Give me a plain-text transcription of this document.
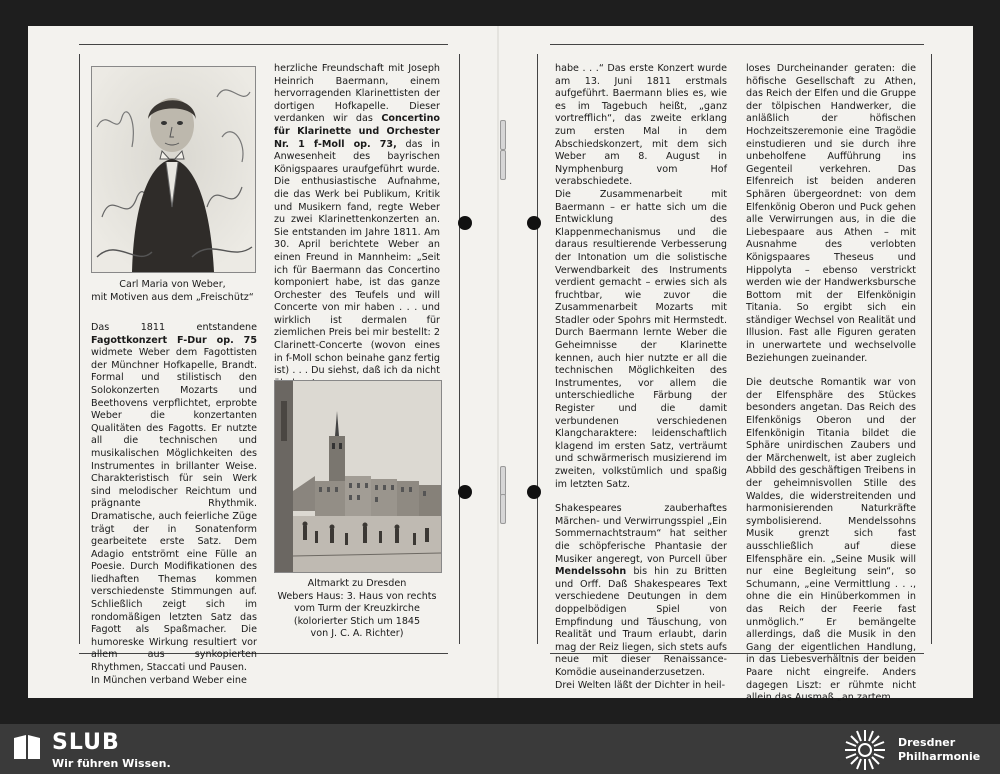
Carl Maria von Weber,
mit Motiven aus dem „Freischütz“

Das 1811 entstandene Fagottkonzert F-Dur op. 75 widmete Weber dem Fagottisten der Münchner Hofkapelle, Brandt. Formal und stilistisch den Solokonzerten Mozarts und Beethovens verpflichtet, erprobte Weber die konzertanten Qualitäten des Fagotts. Er nutzte all die technischen und musikalischen Möglichkeiten des Instrumentes in brillanter Weise. Charakteristisch für sein Werk sind melodischer Reichtum und prägnante Rhythmik. Dramatische, auch feierliche Züge trägt der in Sonatenform gearbeitete erste Satz. Dem Adagio entströmt eine Fülle an Poesie. Durch Modifikationen des liedhaften Themas kommen verschiedenste Stimmungen auf. Schließlich zeigt sich im rondomäßigen letzten Satz das Fagott als Spaßmacher. Die humoreske Wirkung resultiert vor allem aus synkopierten Rhythmen, Staccati und Pausen.

In München verband Weber eine

herzliche Freundschaft mit Joseph Heinrich Baermann, einem hervorragenden Klarinettisten der dortigen Hofkapelle. Dieser verdanken wir das Concertino für Klarinette und Orchester Nr. 1 f-Moll op. 73, das in Anwesenheit des bayrischen Königspaares uraufgeführt wurde. Die enthusiastische Aufnahme, die das Werk bei Publikum, Kritik und Musikern fand, regte Weber zu zwei Klarinettenkonzerten an. Sie entstanden im Jahre 1811. Am 30. April berichtete Weber an einen Freund in Mannheim: „Seit ich für Baermann das Concertino komponiert habe, ist das ganze Orchester des Teufels und will Concerte von mir haben . . . und wirklich ist dermalen für ziemlichen Preis bei mir bestellt: 2 Clarinett-Concerte (wovon eines in f-Moll schon beinahe ganz fertig ist) . . . Du siehst, daß ich da nicht

Altmarkt zu Dresden
Webers Haus: 3. Haus von rechts
vom Turm der Kreuzkirche
(kolorierter Stich um 1845
von J. C. A. Richter)

habe . . .“ Das erste Konzert wurde am 13. Juni 1811 erstmals aufgeführt. Baermann blies es, wie es im Tagebuch heißt, „ganz vortrefflich“, das zweite erklang zum ersten Mal in dem Abschiedskonzert, mit dem sich Weber am 8. August in Nymphenburg vom Hof verabschiedete.

Die Zusammenarbeit mit Baermann – er hatte sich um die Entwicklung des Klappenmechanismus und die daraus resultierende Verbesserung der Intonation um die solistische Verwendbarkeit des Instruments verdient gemacht – erwies sich als fruchtbar, wie zuvor die Zusammenarbeit Mozarts mit Stadler oder Spohrs mit Hermstedt. Durch Baermann lernte Weber die Geheimnisse der Klarinette kennen, auch hier nutzte er all die technischen Möglichkeiten des Instrumentes, vor allem die unterschiedliche Färbung der Register und die damit verbundenen verschiedenen Klangcharaktere: leidenschaftlich klagend im ersten Satz, verträumt und schwärmerisch musizierend im zweiten, volkstümlich und spaßig im letzten Satz.

Shakespeares zauberhaftes Märchen- und Verwirrungsspiel „Ein Sommernachtstraum“ hat seither die schöpferische Phantasie der Musiker angeregt, von Purcell über Mendelssohn bis hin zu Britten und Orff. Daß Shakespeares Text verschiedene Deutungen in dem doppelbödigen Spiel von Empfindung und Täuschung, von Realität und Traum erlaubt, darin mag der Reiz liegen, sich stets aufs neue mit dieser Renaissance-Komödie auseinanderzusetzen.

Drei Welten läßt der Dichter in heil-

loses Durcheinander geraten: die höfische Gesellschaft zu Athen, das Reich der Elfen und die Gruppe der tölpischen Handwerker, die anläßlich der höfischen Hochzeitszeremonie eine Tragödie einstudieren und sie durch ihre unbeholfene Aufführung ins Gegenteil verkehren. Das Elfenreich ist beiden anderen Sphären übergeordnet: von dem Elfenkönig Oberon und Puck gehen alle Verwirrungen aus, in die die Liebespaare aus Athen – mit Ausnahme des verlobten Königspaares Theseus und Hippolyta – ebenso verstrickt werden wie der Handwerksbursche Bottom mit der Elfenkönigin Titania. So ergibt sich ein ständiger Wechsel von Realität und Illusion. Fast alle Figuren geraten in unerwartete und wechselvolle Beziehungen zueinander.

Die deutsche Romantik war von der Elfensphäre des Stückes besonders angetan. Das Reich des Elfenkönigs Oberon und der Elfenkönigin Titania bildet die Sphäre unirdischen Zaubers und der Märchenwelt, ist aber zugleich Abbild des geschäftigen Treibens in der geheimnisvollen Stille des Waldes, die widerstreitenden und harmonisierenden Naturkräfte symbolisierend. Mendelssohns Musik grenzt sich fast ausschließlich auf diese Elfensphäre ein. „Seine Musik will nur eine Begleitung sein“, so Schumann, „eine Vermittlung . . ., ohne die ein Hinüberkommen in das Reich der Feerie fast unmöglich.“ Er bemängelte allerdings, daß die Musik in den Gang der eigentlichen Handlung, in das Liebesverhältnis der beiden Paare nicht eingreife. Anders dagegen Liszt: er rühmte nicht allein das Ausmaß „an zartem

SLUB
Wir führen Wissen.
Dresdner
Philharmonie
